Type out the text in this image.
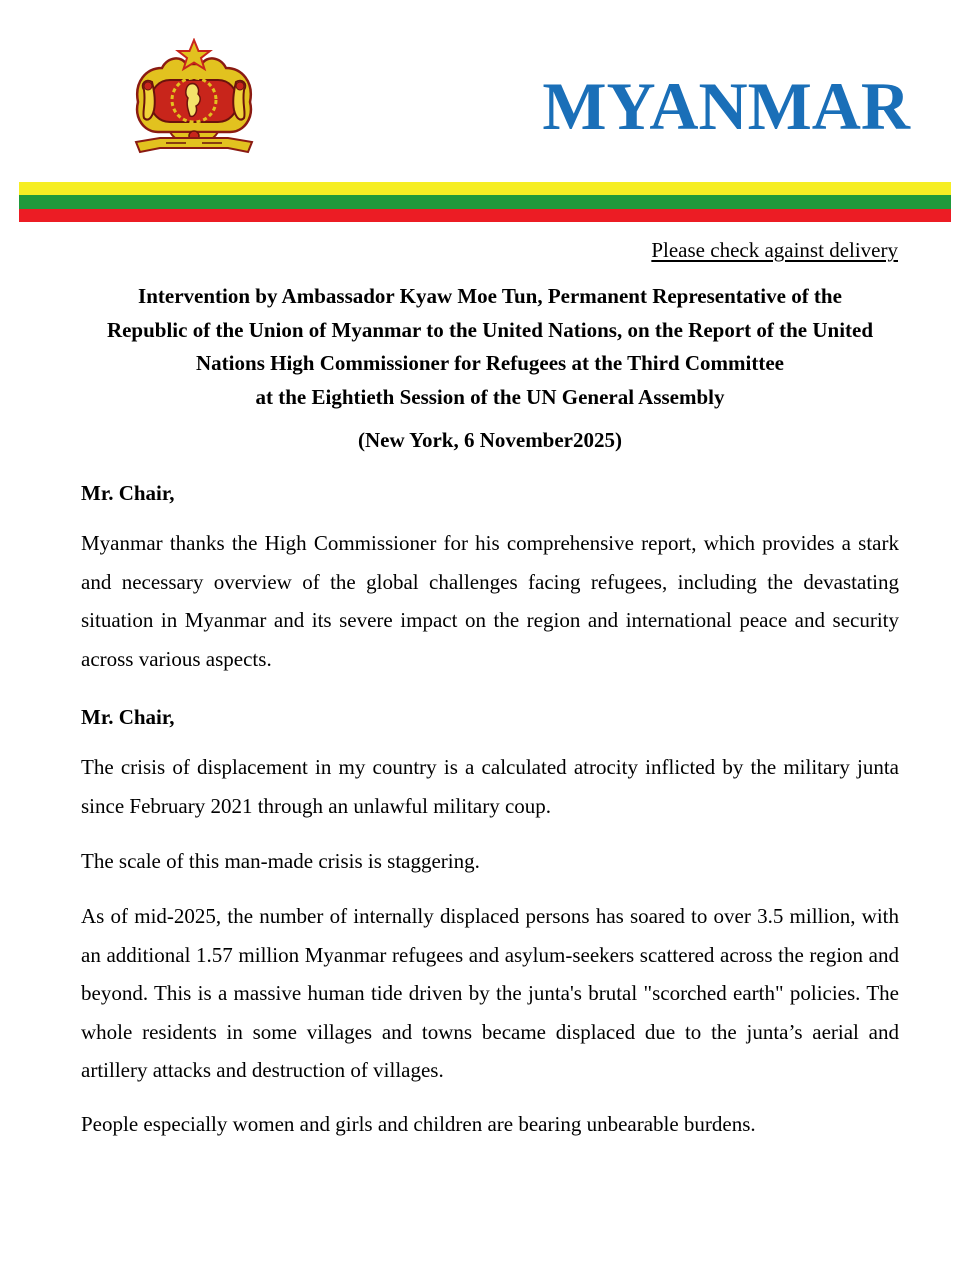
MYANMAR

Please check against delivery

Intervention by Ambassador Kyaw Moe Tun, Permanent Representative of the
Republic of the Union of Myanmar to the United Nations, on the Report of the United
Nations High Commissioner for Refugees at the Third Committee
at the Eightieth Session of the UN General Assembly

(New York, 6 November2025)

Mr. Chair,

Myanmar thanks the High Commissioner for his comprehensive report, which provides a stark and necessary overview of the global challenges facing refugees, including the devastating situation in Myanmar and its severe impact on the region and international peace and security across various aspects.

Mr. Chair,

The crisis of displacement in my country is a calculated atrocity inflicted by the military junta since February 2021 through an unlawful military coup.

The scale of this man-made crisis is staggering.

As of mid-2025, the number of internally displaced persons has soared to over 3.5 million, with an additional 1.57 million Myanmar refugees and asylum-seekers scattered across the region and beyond. This is a massive human tide driven by the junta's brutal "scorched earth" policies. The whole residents in some villages and towns became displaced due to the junta’s aerial and artillery attacks and destruction of villages.

People especially women and girls and children are bearing unbearable burdens.
